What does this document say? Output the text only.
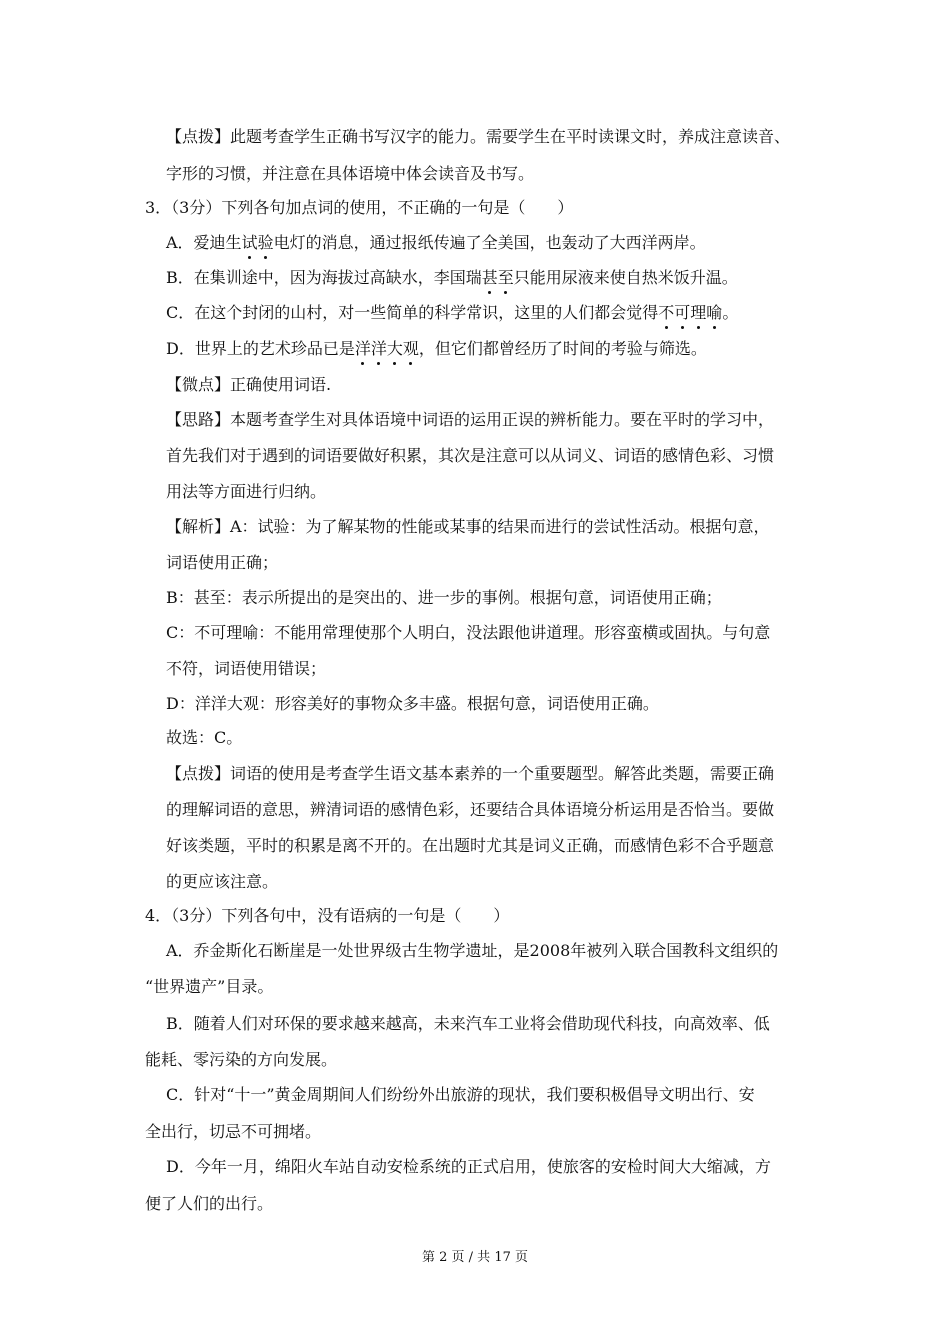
【点拨】此题考查学生正确书写汉字的能力。需要学生在平时读课文时，养成注意读音、
字形的习惯，并注意在具体语境中体会读音及书写。
3．（3分）下列各句加点词的使用，不正确的一句是（　　）
A．爱迪生试验电灯的消息，通过报纸传遍了全美国，也轰动了大西洋两岸。
B．在集训途中，因为海拔过高缺水，李国瑞甚至只能用尿液来使自热米饭升温。
C．在这个封闭的山村，对一些简单的科学常识，这里的人们都会觉得不可理喻。
D．世界上的艺术珍品已是洋洋大观，但它们都曾经历了时间的考验与筛选。
【微点】正确使用词语.
【思路】本题考查学生对具体语境中词语的运用正误的辨析能力。要在平时的学习中，
首先我们对于遇到的词语要做好积累，其次是注意可以从词义、词语的感情色彩、习惯
用法等方面进行归纳。
【解析】A：试验：为了解某物的性能或某事的结果而进行的尝试性活动。根据句意，
词语使用正确；
B：甚至：表示所提出的是突出的、进一步的事例。根据句意，词语使用正确；
C：不可理喻：不能用常理使那个人明白，没法跟他讲道理。形容蛮横或固执。与句意
不符，词语使用错误；
D：洋洋大观：形容美好的事物众多丰盛。根据句意，词语使用正确。
故选：C。
【点拨】词语的使用是考查学生语文基本素养的一个重要题型。解答此类题，需要正确
的理解词语的意思，辨清词语的感情色彩，还要结合具体语境分析运用是否恰当。要做
好该类题，平时的积累是离不开的。在出题时尤其是词义正确，而感情色彩不合乎题意
的更应该注意。
4．（3分）下列各句中，没有语病的一句是（　　）
A．乔金斯化石断崖是一处世界级古生物学遗址，是2008年被列入联合国教科文组织的
“世界遗产”目录。
B．随着人们对环保的要求越来越高，未来汽车工业将会借助现代科技，向高效率、低
能耗、零污染的方向发展。
C．针对“十一”黄金周期间人们纷纷外出旅游的现状，我们要积极倡导文明出行、安
全出行，切忌不可拥堵。
D．今年一月，绵阳火车站自动安检系统的正式启用，使旅客的安检时间大大缩减，方
便了人们的出行。
第 2 页 / 共 17 页
